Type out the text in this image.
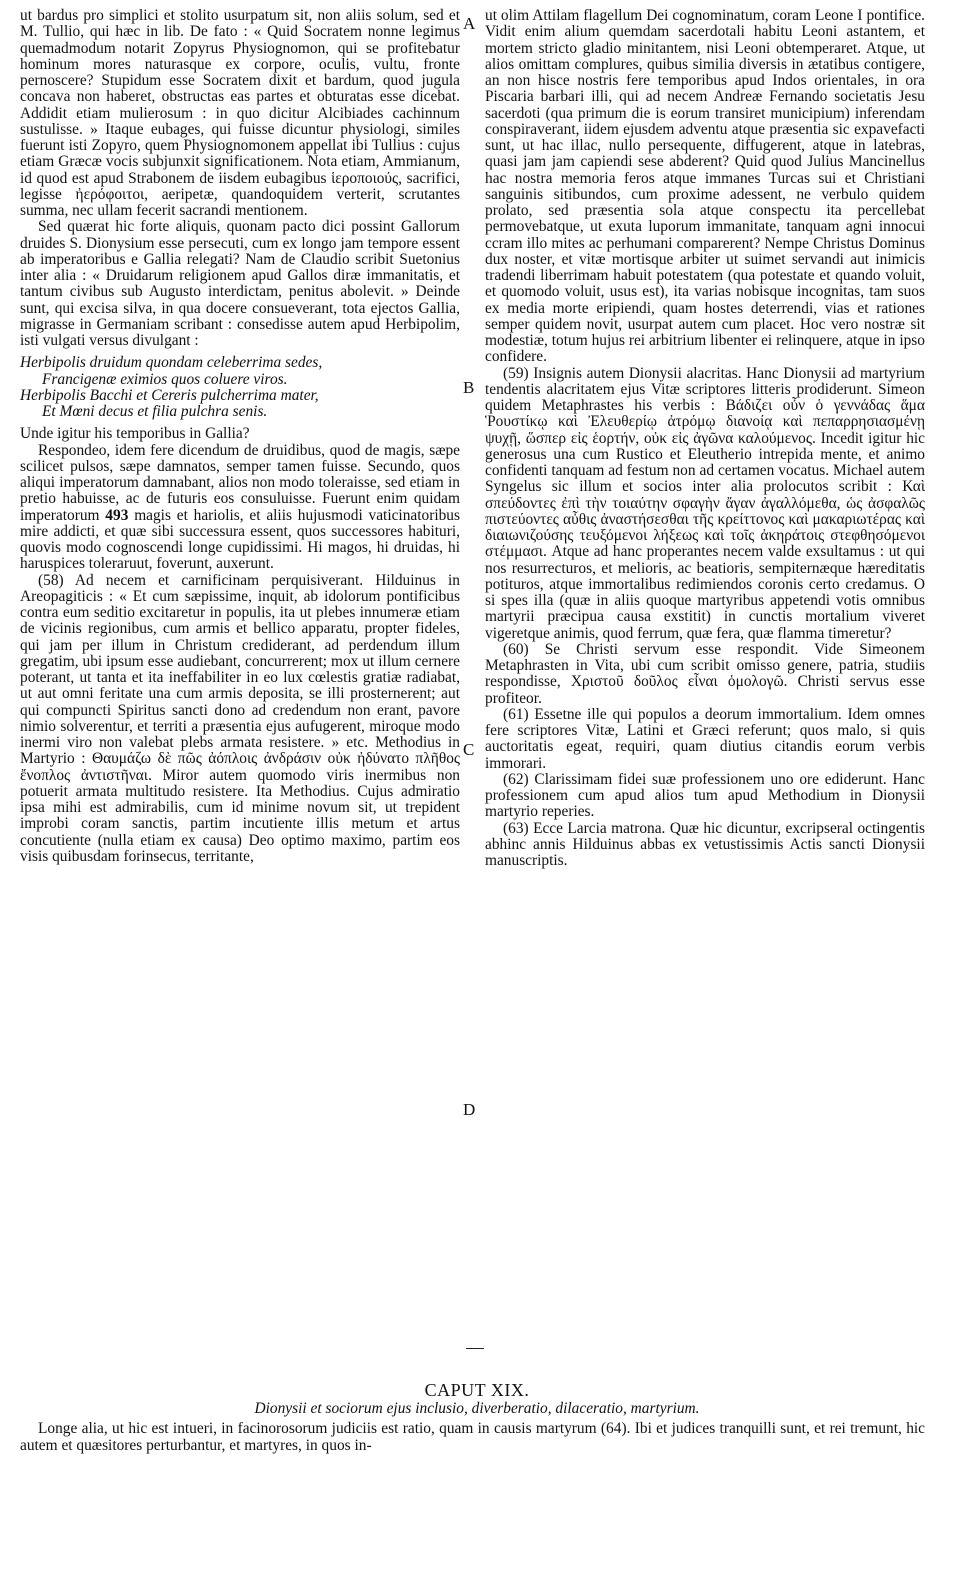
A
B
C
D

ut bardus pro simplici et stolito usurpatum sit, non aliis solum, sed et M. Tullio, qui hæc in lib. De fato : « Quid Socratem nonne legimus quemadmodum notarit Zopyrus Physiognomon, qui se profitebatur hominum mores naturasque ex corpore, oculis, vultu, fronte pernoscere? Stupidum esse Socratem dixit et bardum, quod jugula concava non haberet, obstructas eas partes et obturatas esse dicebat. Addidit etiam mulierosum : in quo dicitur Alcibiades cachinnum sustulisse. » Itaque eubages, qui fuisse dicuntur physiologi, similes fuerunt isti Zopyro, quem Physiognomonem appellat ibi Tullius : cujus etiam Græcæ vocis subjunxit significationem. Nota etiam, Ammianum, id quod est apud Strabonem de iisdem eubagibus ἱεροποιούς, sacrifici, legisse ἠερόφοιτοι, aeripetæ, quandoquidem verterit, scrutantes summa, nec ullam fecerit sacrandi mentionem.

Sed quærat hic forte aliquis, quonam pacto dici possint Gallorum druides S. Dionysium esse persecuti, cum ex longo jam tempore essent ab imperatoribus e Gallia relegati? Nam de Claudio scribit Suetonius inter alia : « Druidarum religionem apud Gallos diræ immanitatis, et tantum civibus sub Augusto interdictam, penitus abolevit. » Deinde sunt, qui excisa silva, in qua docere consueverant, tota ejectos Gallia, migrasse in Germaniam scribant : consedisse autem apud Herbipolim, isti vulgati versus divulgant :

Herbipolis druidum quondam celeberrima sedes,
Francigenæ eximios quos coluere viros.
Herbipolis Bacchi et Cereris pulcherrima mater,
Et Mœni decus et filia pulchra senis.

Unde igitur his temporibus in Gallia?

Respondeo, idem fere dicendum de druidibus, quod de magis, sæpe scilicet pulsos, sæpe damnatos, semper tamen fuisse. Secundo, quos aliqui imperatorum damnabant, alios non modo toleraisse, sed etiam in pretio habuisse, ac de futuris eos consuluisse. Fuerunt enim quidam imperatorum 493 magis et hariolis, et aliis hujusmodi vaticinatoribus mire addicti, et quæ sibi successura essent, quos successores habituri, quovis modo cognoscendi longe cupidissimi. Hi magos, hi druidas, hi haruspices toleraruut, foverunt, auxerunt.

(58) Ad necem et carnificinam perquisiverant. Hilduinus in Areopagiticis : « Et cum sæpissime, inquit, ab idolorum pontificibus contra eum seditio excitaretur in populis, ita ut plebes innumeræ etiam de vicinis regionibus, cum armis et bellico apparatu, propter fideles, qui jam per illum in Christum crediderant, ad perdendum illum gregatim, ubi ipsum esse audiebant, concurrerent; mox ut illum cernere poterant, ut tanta et ita ineffabiliter in eo lux cœlestis gratiæ radiabat, ut aut omni feritate una cum armis deposita, se illi prosternerent; aut qui compuncti Spiritus sancti dono ad credendum non erant, pavore nimio solverentur, et territi a præsentia ejus aufugerent, miroque modo inermi viro non valebat plebs armata resistere. » etc. Methodius in Martyrio : Θαυμάζω δὲ πῶς ἀόπλοις ἀνδράσιν οὐκ ἠδύνατο πλῆθος ἔνοπλος ἀντιστῆναι. Miror autem quomodo viris inermibus non potuerit armata multitudo resistere. Ita Methodius. Cujus admiratio ipsa mihi est admirabilis, cum id minime novum sit, ut trepident improbi coram sanctis, partim incutiente illis metum et artus concutiente (nulla etiam ex causa) Deo optimo maximo, partim eos visis quibusdam forinsecus, territante,

ut olim Attilam flagellum Dei cognominatum, coram Leone I pontifice. Vidit enim alium quemdam sacerdotali habitu Leoni astantem, et mortem stricto gladio minitantem, nisi Leoni obtemperaret. Atque, ut alios omittam complures, quibus similia diversis in ætatibus contigere, an non hisce nostris fere temporibus apud Indos orientales, in ora Piscaria barbari illi, qui ad necem Andreæ Fernando societatis Jesu sacerdoti (qua primum die is eorum transiret municipium) inferendam conspiraverant, iidem ejusdem adventu atque præsentia sic expavefacti sunt, ut hac illac, nullo persequente, diffugerent, atque in latebras, quasi jam jam capiendi sese abderent? Quid quod Julius Mancinellus hac nostra memoria feros atque immanes Turcas sui et Christiani sanguinis sitibundos, cum proxime adessent, ne verbulo quidem prolato, sed præsentia sola atque conspectu ita percellebat permovebatque, ut exuta luporum immanitate, tanquam agni innocui ccram illo mites ac perhumani comparerent? Nempe Christus Dominus dux noster, et vitæ mortisque arbiter ut suimet servandi aut inimicis tradendi liberrimam habuit potestatem (qua potestate et quando voluit, et quomodo voluit, usus est), ita varias nobisque incognitas, tam suos ex media morte eripiendi, quam hostes deterrendi, vias et rationes semper quidem novit, usurpat autem cum placet. Hoc vero nostræ sit modestiæ, totum hujus rei arbitrium libenter ei relinquere, atque in ipso confidere.

(59) Insignis autem Dionysii alacritas. Hanc Dionysii ad martyrium tendentis alacritatem ejus Vitæ scriptores litteris prodiderunt. Simeon quidem Metaphrastes his verbis : Βάδιζει οὖν ὁ γεννάδας ἅμα Ῥουστίκῳ καὶ Ἐλευθερίῳ ἀτρόμῳ διανοίᾳ καὶ πεπαρρησιασμένῃ ψυχῇ, ὥσπερ εἰς ἑορτήν, οὐκ εἰς ἀγῶνα καλούμενος. Incedit igitur hic generosus una cum Rustico et Eleutherio intrepida mente, et animo confidenti tanquam ad festum non ad certamen vocatus. Michael autem Syngelus sic illum et socios inter alia prolocutos scribit : Καὶ σπεύδοντες ἐπὶ τὴν τοιαύτην σφαγὴν ἄγαν ἀγαλλόμεθα, ὡς ἀσφαλῶς πιστεύοντες αὖθις ἀναστήσεσθαι τῆς κρείττονος καὶ μακαριωτέρας καὶ διαιωνιζούσης τευξόμενοι λήξεως καὶ τοῖς ἀκηράτοις στεφθησόμενοι στέμμασι. Atque ad hanc properantes necem valde exsultamus : ut qui nos resurrecturos, et melioris, ac beatioris, sempiternæque hæreditatis potituros, atque immortalibus redimiendos coronis certo credamus. O si spes illa (quæ in aliis quoque martyribus appetendi votis omnibus martyrii præcipua causa exstitit) in cunctis mortalium viveret vigeretque animis, quod ferrum, quæ fera, quæ flamma timeretur?

(60) Se Christi servum esse respondit. Vide Simeonem Metaphrasten in Vita, ubi cum scribit omisso genere, patria, studiis respondisse, Χριστοῦ δοῦλος εἶναι ὁμολογῶ. Christi servus esse profiteor.

(61) Essetne ille qui populos a deorum immortalium. Idem omnes fere scriptores Vitæ, Latini et Græci referunt; quos malo, si quis auctoritatis egeat, requiri, quam diutius citandis eorum verbis immorari.

(62) Clarissimam fidei suæ professionem uno ore ediderunt. Hanc professionem cum apud alios tum apud Methodium in Dionysii martyrio reperies.

(63) Ecce Larcia matrona. Quæ hic dicuntur, excripseral octingentis abhinc annis Hilduinus abbas ex vetustissimis Actis sancti Dionysii manuscriptis.

CAPUT XIX.
Dionysii et sociorum ejus inclusio, diverberatio, dilaceratio, martyrium.

Longe alia, ut hic est intueri, in facinorosorum judiciis est ratio, quam in causis martyrum (64). Ibi et judices tranquilli sunt, et rei tremunt, hic autem et quæsitores perturbantur, et martyres, in quos in-
